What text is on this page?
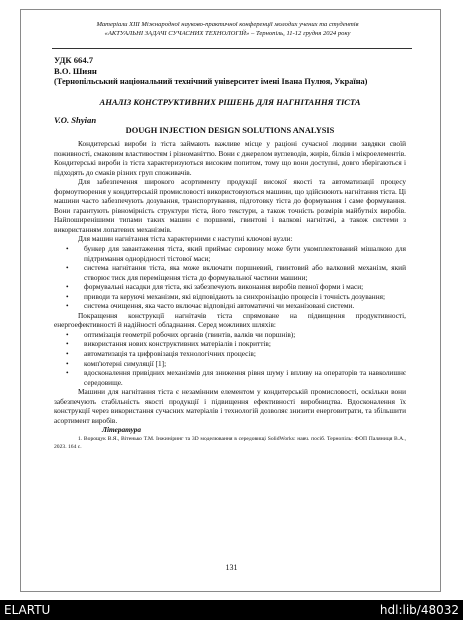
Матеріали XIII Міжнародної науково-практичної конференції молодих учених та студентів
«АКТУАЛЬНІ ЗАДАЧІ СУЧАСНИХ ТЕХНОЛОГІЙ» – Тернопіль, 11-12 грудня 2024 року
УДК 664.7
В.О. Шиян
(Тернопільський національний технічний університет імені Івана Пулюя, Україна)
АНАЛІЗ КОНСТРУКТИВНИХ РІШЕНЬ ДЛЯ НАГНІТАННЯ ТІСТА
V.O. Shyian
DOUGH INJECTION DESIGN SOLUTIONS ANALYSIS

Кондитерські вироби із тіста займають важливе місце у раціоні сучасної людини завдяки своїй поживності, смаковим властивостям і різноманіттю. Вони є джерелом вуглеводів, жирів, білків і мікроелементів. Кондитерські вироби із тіста характеризуються високим попитом, тому що вони доступні, довго зберігаються і підходять до смаків різних груп споживачів.

Для забезпечення широкого асортименту продукції високої якості та автоматизації процесу формоутворення у кондитерській промисловості використовуються машини, що здійснюють нагнітання тіста. Ці машини часто забезпечують дозування, транспортування, підготовку тіста до формування і саме формування. Вони гарантують рівномірність структури тіста, його текстури, а також точність розмірів майбутніх виробів. Найпоширенішими типами таких машин є поршневі, гвинтові і валкові нагнітачі, а також системи з використанням лопатевих механізмів.

Для машин нагнітання тіста характерними є наступні ключові вузли:

• бункер для завантаження тіста, який приймає сировину може бути укомплектований мішалкою для підтримання однорідності тістової маси;
• система нагнітання тіста, яка може включати поршневий, гвинтовий або валковий механізм, який створює тиск для переміщення тіста до формувальної частини машини;
• формувальні насадки для тіста, які забезпечують виконання виробів певної форми і маси;
• приводи та керуючі механізми, які відповідають за синхронізацію процесів і точність дозування;
• система очищення, яка часто включає відповідні автоматичні чи механізовані системи.

Покращення конструкції нагнітачів тіста спрямоване на підвищення продуктивності, енергоефективності й надійності обладнання. Серед можливих шляхів:

• оптимізація геометрії робочих органів (гвинтів, валків чи поршнів);
• використання нових конструктивних матеріалів і покриттів;
• автоматизація та цифровізація технологічних процесів;
• комп'ютерні симуляції [1];
• вдосконалення привідних механізмів для зниження рівня шуму і впливу на операторів та навколишнє середовище.

Машини для нагнітання тіста є незамінним елементом у кондитерській промисловості, оскільки вони забезпечують стабільність якості продукції і підвищення ефективності виробництва. Вдосконалення їх конструкції через використання сучасних матеріалів і технологій дозволяє знизити енерговитрати, та збільшити асортимент виробів.

Література

1. Ворощук В.Я., Вітенько Т.М. Інжиніринг та 3D моделювання в середовищі SolidWorks: навч. посіб. Тернопіль: ФОП Паляниця В.А., 2023. 164 с.

131
ELARTU	hdl:lib/48032
